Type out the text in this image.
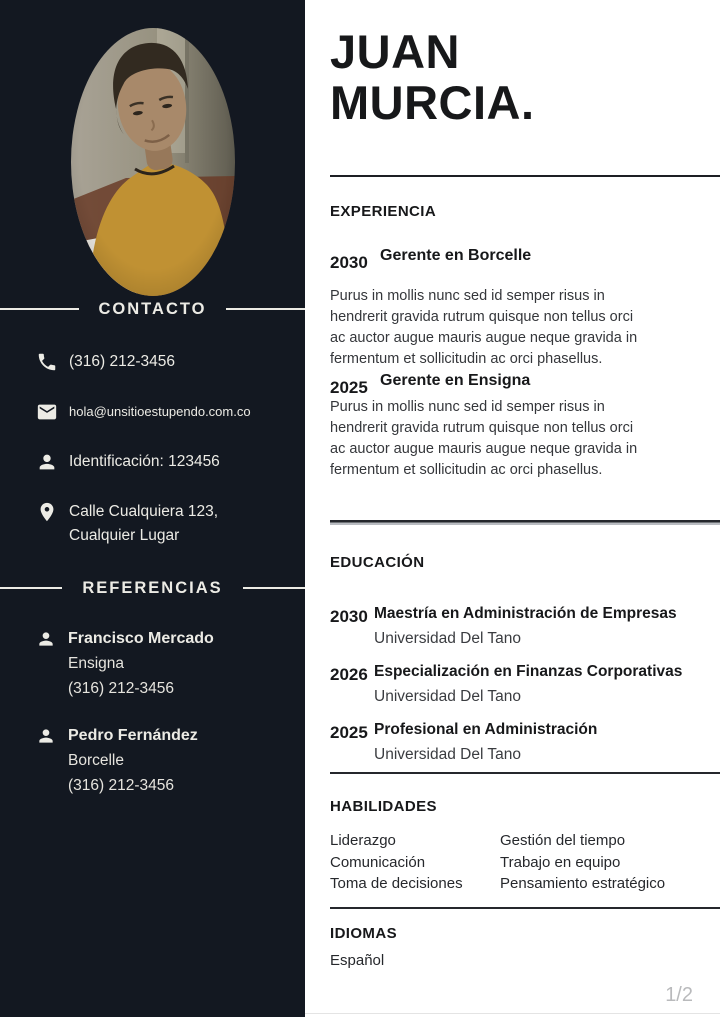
CONTACTO
(316) 212-3456
hola@unsitioestupendo.com.co
Identificación: 123456
Calle Cualquiera 123,
Cualquier Lugar
REFERENCIAS
Francisco Mercado
Ensigna
(316) 212-3456
Pedro Fernández
Borcelle
(316) 212-3456
JUAN
MURCIA.
EXPERIENCIA
2030 Gerente en Borcelle

Purus in mollis nunc sed id semper risus in hendrerit gravida rutrum quisque non tellus orci ac auctor augue mauris augue neque gravida in fermentum et sollicitudin ac orci phasellus.

2025 Gerente en Ensigna

Purus in mollis nunc sed id semper risus in hendrerit gravida rutrum quisque non tellus orci ac auctor augue mauris augue neque gravida in fermentum et sollicitudin ac orci phasellus.

EDUCACIÓN
2030 Maestría en Administración de Empresas
Universidad Del Tano
2026 Especialización en Finanzas Corporativas
Universidad Del Tano
2025 Profesional en Administración
Universidad Del Tano
HABILIDADES
Liderazgo
Comunicación
Toma de decisiones
Gestión del tiempo
Trabajo en equipo
Pensamiento estratégico
IDIOMAS
Español
1/2
